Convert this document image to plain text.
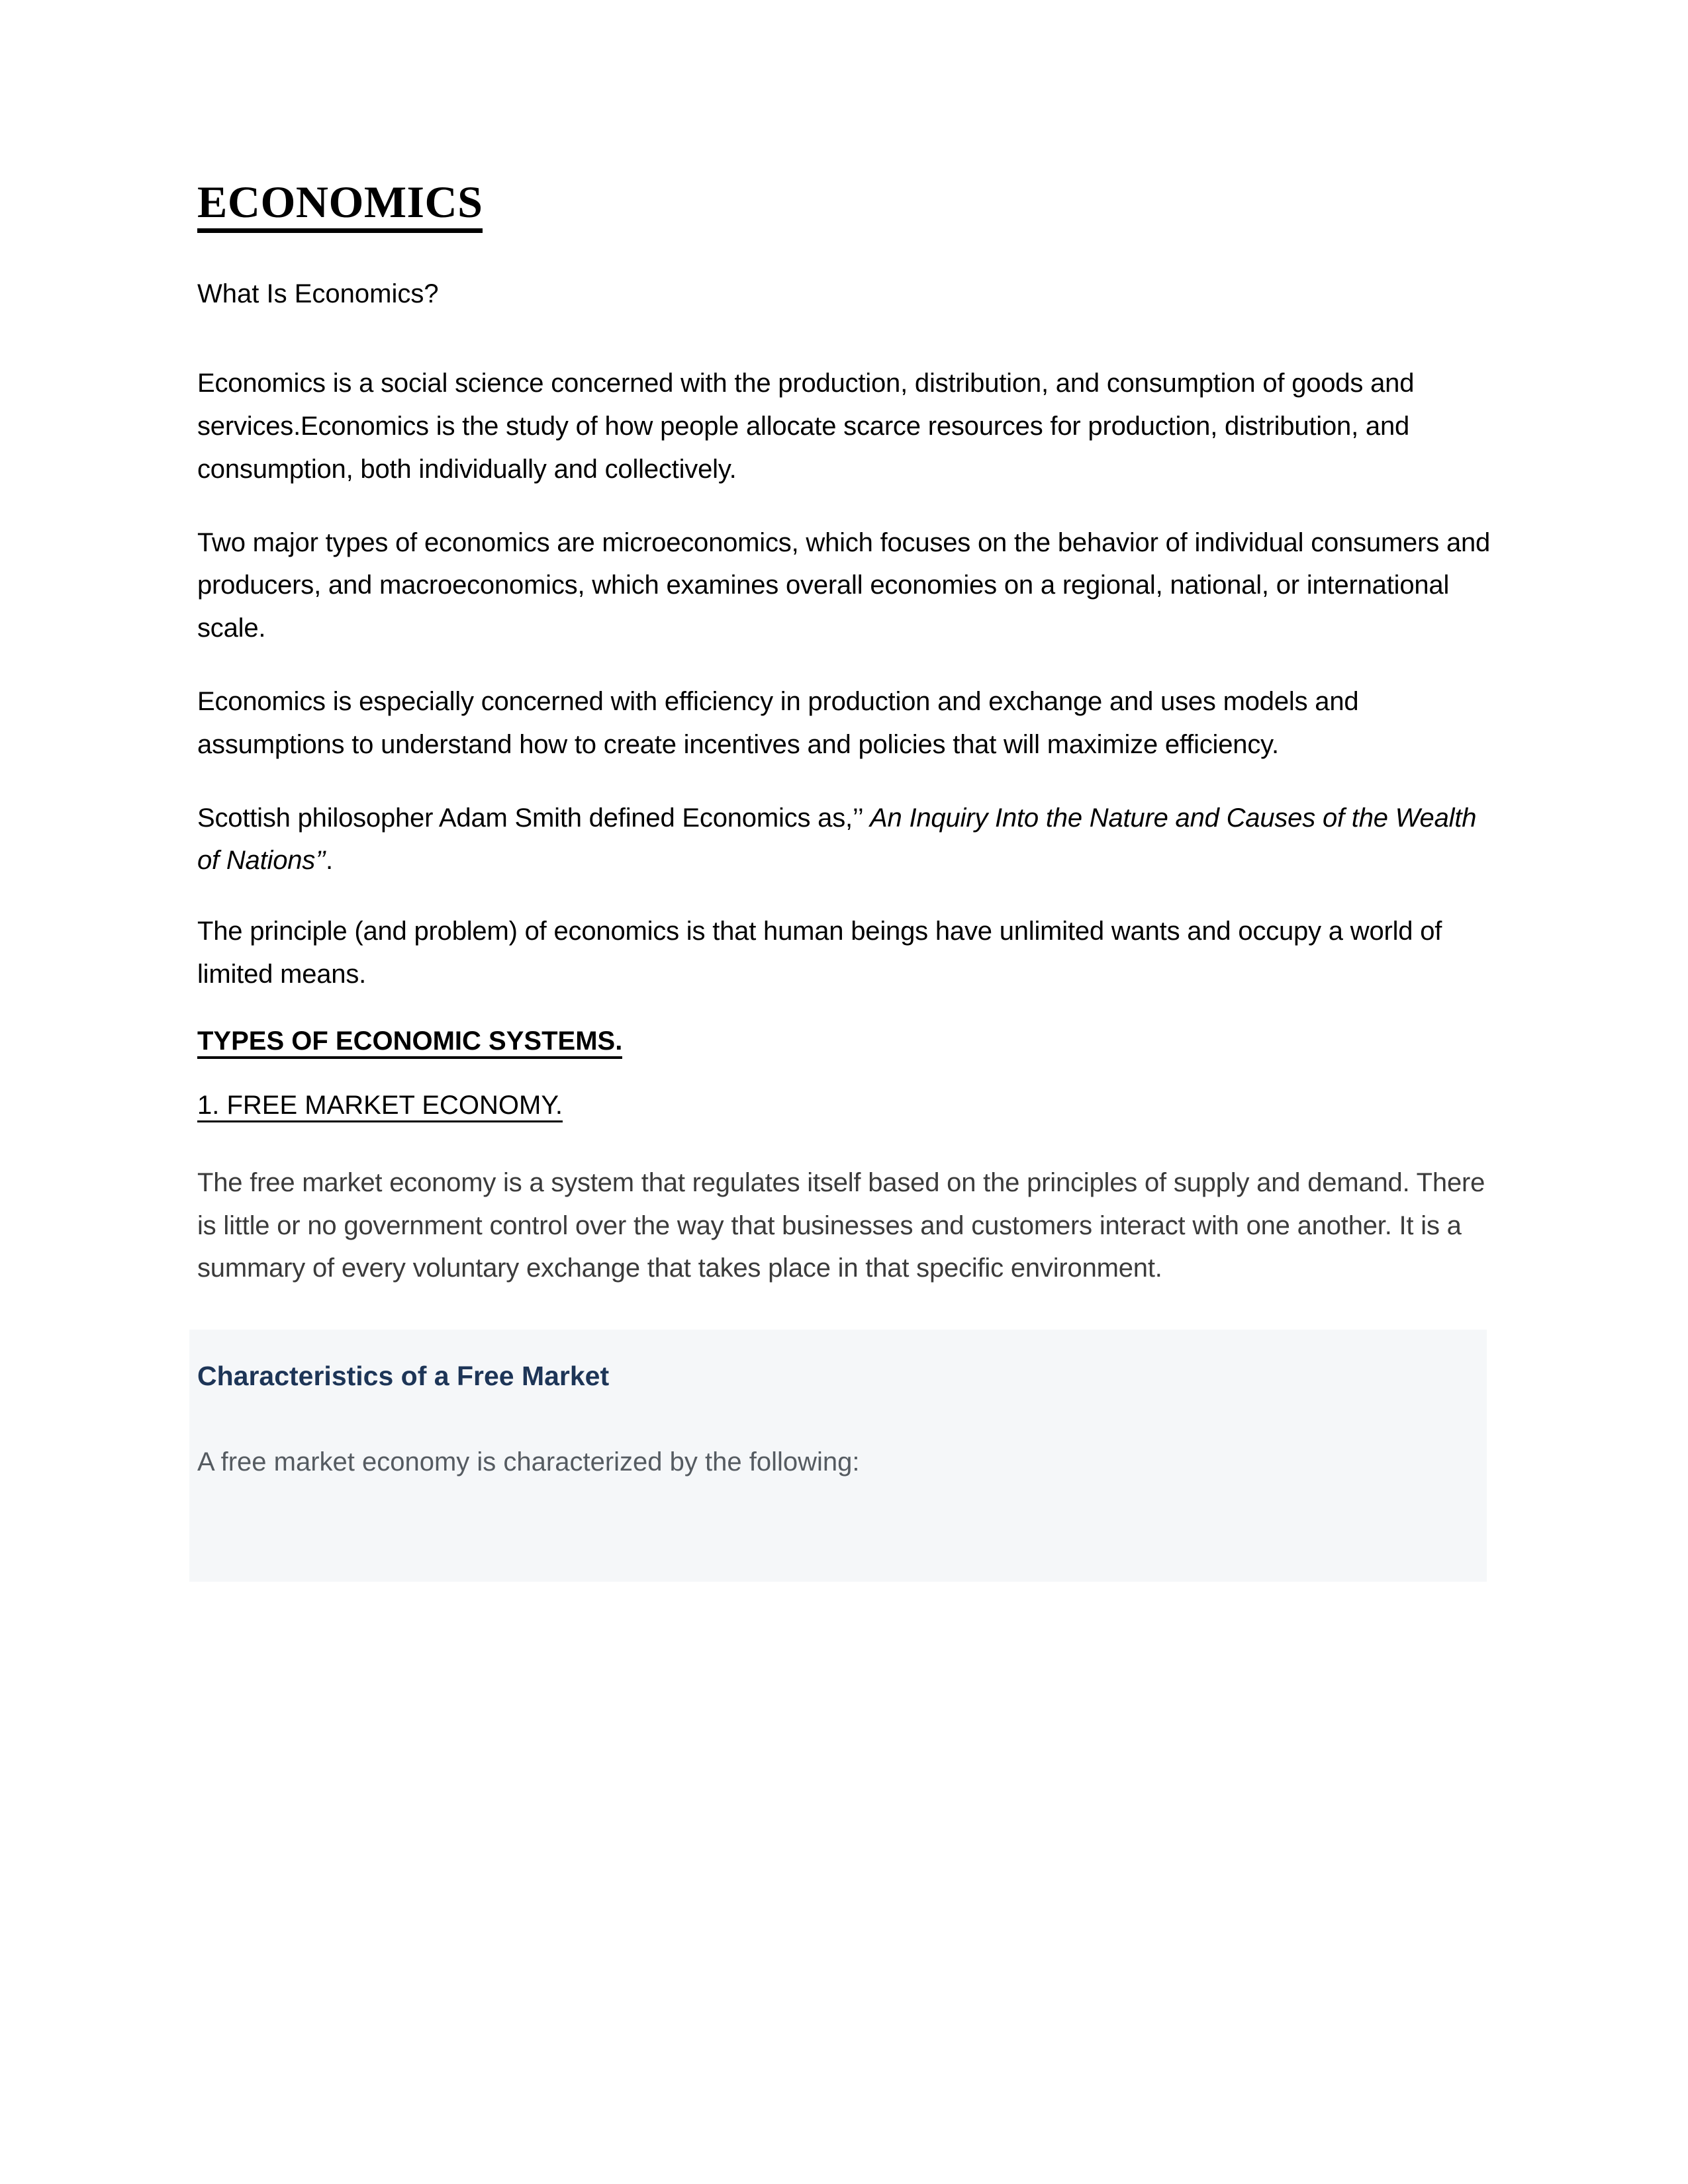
ECONOMICS

What Is Economics?

Economics is a social science concerned with the production, distribution, and consumption of goods and services.Economics is the study of how people allocate scarce resources for production, distribution, and consumption, both individually and collectively.

Two major types of economics are microeconomics, which focuses on the behavior of individual consumers and producers, and macroeconomics, which examines overall economies on a regional, national, or international scale.

Economics is especially concerned with efficiency in production and exchange and uses models and assumptions to understand how to create incentives and policies that will maximize efficiency.

Scottish philosopher Adam Smith defined Economics as,’’ An Inquiry Into the Nature and Causes of the Wealth of Nations’’.

The principle (and problem) of economics is that human beings have unlimited wants and occupy a world of limited means.

TYPES OF ECONOMIC SYSTEMS.
1. FREE MARKET ECONOMY.

The free market economy is a system that regulates itself based on the principles of supply and demand. There is little or no government control over the way that businesses and customers interact with one another. It is a summary of every voluntary exchange that takes place in that specific environment.

Characteristics of a Free Market

A free market economy is characterized by the following:
